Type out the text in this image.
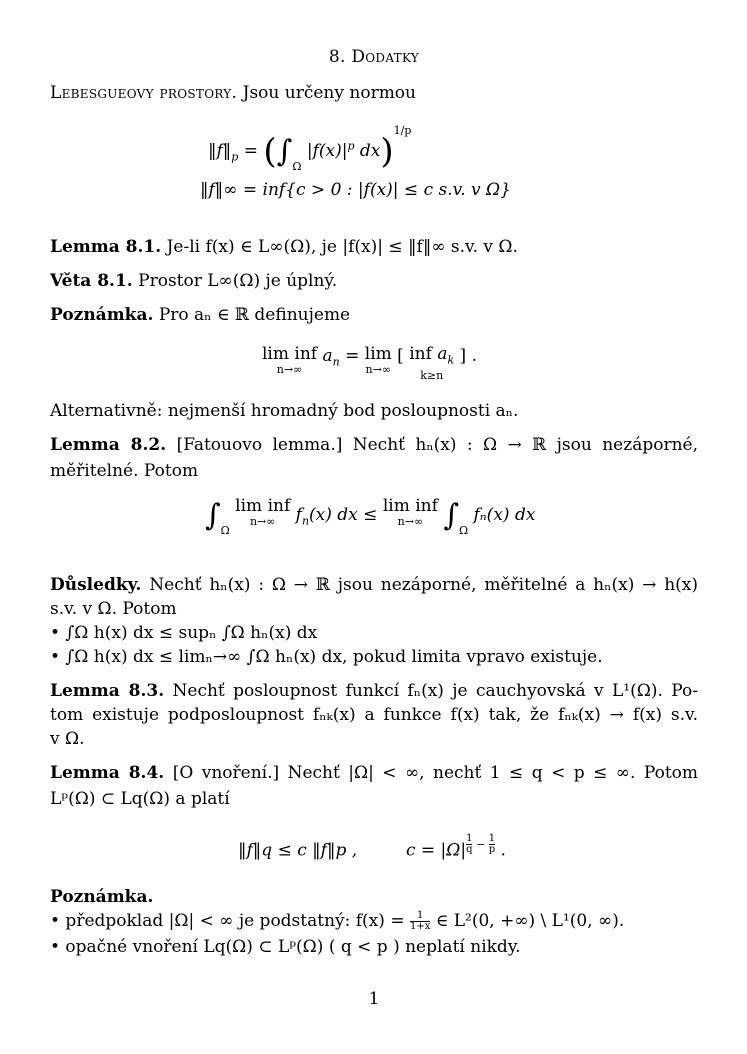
8. Dodatky
Lebesgueovy prostory. Jsou určeny normou
$‖f‖_p = (\int_\Omega$ $|f(x)|^p$ dx)$^{1/p}$
‖f‖∞ = inf{c > 0 : |f(x)| ≤ c s.v. v Ω}
Lemma 8.1. Je-li f(x) ∈ L∞(Ω), je |f(x)| ≤ ‖f‖∞ s.v. v Ω.
Věta 8.1. Prostor L∞(Ω) je úplný.
Poznámka. Pro aₙ ∈ ℝ definujeme
lim inf
n→∞
$a_n = \lim$
n→∞
[ inf $a_k$
k≥n
] .
Alternativně: nejmenší hromadný bod posloupnosti aₙ.
Lemma 8.2. [Fatouovo lemma.] Nechť hₙ(x) : Ω → ℝ jsou nezáporné,
měřitelné. Potom
$\int_\Omega$ lim inf
n→∞	$f_n(x)$ dx ≤ lim inf
n→∞ $\int_\Omega$ fₙ(x) dx
Důsledky. Nechť hₙ(x) : Ω → ℝ jsou nezáporné, měřitelné a hₙ(x) → h(x)
s.v. v Ω. Potom
• ∫Ω h(x) dx ≤ supₙ ∫Ω hₙ(x) dx
• ∫Ω h(x) dx ≤ limₙ→∞ ∫Ω hₙ(x) dx, pokud limita vpravo existuje.
Lemma 8.3. Nechť posloupnost funkcí fₙ(x) je cauchyovská v L¹(Ω). Po-
tom existuje podposloupnost fₙₖ(x) a funkce f(x) tak, že fₙₖ(x) → f(x) s.v.
v Ω.
Lemma 8.4. [O vnoření.] Nechť |Ω| < ∞, nechť 1 ≤ q < p ≤ ∞. Potom
Lᵖ(Ω) ⊂ Lq(Ω) a platí
‖f‖q ≤ c ‖f‖p ,	c = |Ω| $^{\frac{1}{q} - \frac{1}{p}}$ .
Poznámka.
• předpoklad |Ω| < ∞ je podstatný: $f(x) = \frac{1}{1+x}$ ∈ L²(0, +∞) \ L¹(0, ∞).
• opačné vnoření Lq(Ω) ⊂ Lᵖ(Ω) ( q < p ) neplatí nikdy.
1
